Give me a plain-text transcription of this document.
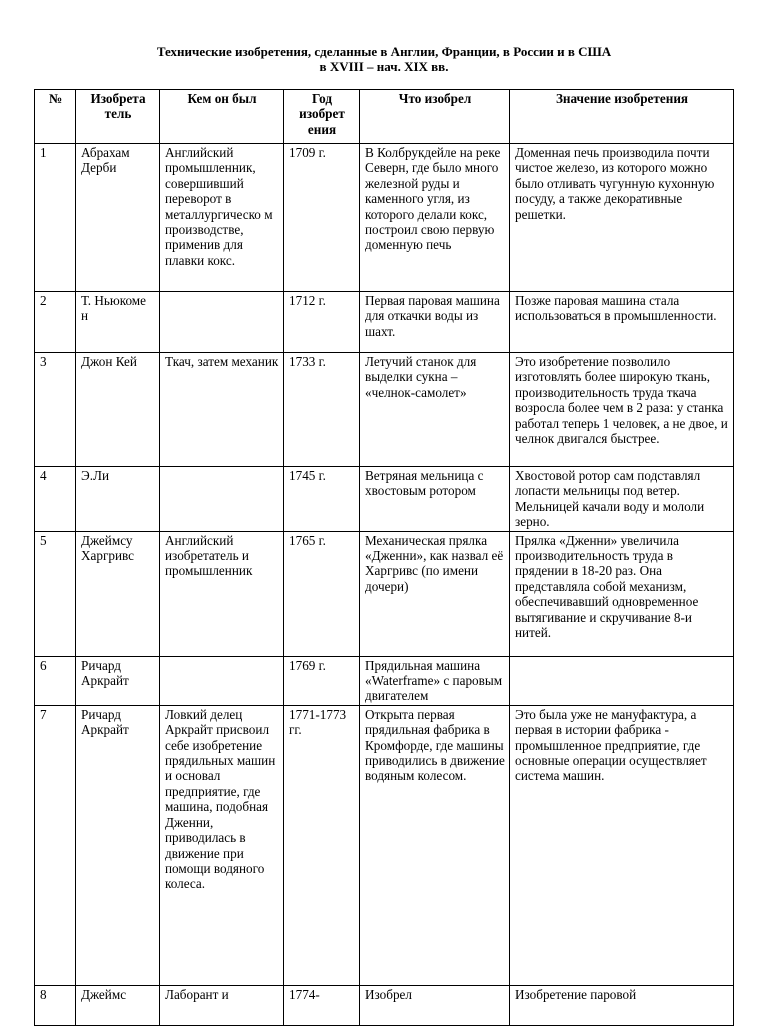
Технические изобретения, сделанные в Англии, Франции, в России и в США
в XVIII – нач. XIX вв.
№	Изобрета тель	Кем он был	Год изобрет ения	Что изобрел	Значение изобретения
1	Абрахам Дерби	Английский промышленник, совершивший переворот в металлургическо м производстве, применив для плавки кокс.	1709 г.	В Колбрукдейле на реке Северн, где было много железной руды и каменного угля, из которого делали кокс, построил свою первую доменную печь	Доменная печь производила почти чистое железо, из которого можно было отливать чугунную кухонную посуду, а также декоративные решетки.
2	Т. Ньюкоме н		1712 г.	Первая паровая машина для откачки воды из шахт.	Позже паровая машина стала использоваться в промышленности.
3	Джон Кей	Ткач, затем механик	1733 г.	Летучий станок для выделки сукна – «челнок-самолет»	Это изобретение позволило изготовлять более широкую ткань, производительность труда ткача возросла более чем в 2 раза: у станка работал теперь 1 человек, а не двое, и челнок двигался быстрее.
4	Э.Ли		1745 г.	Ветряная мельница с хвостовым ротором	Хвостовой ротор сам подставлял лопасти мельницы под ветер. Мельницей качали воду и мололи зерно.
5	Джеймсу Харгривс	Английский изобретатель и промышленник	1765 г.	Механическая прялка «Дженни», как назвал её Харгривс (по имени дочери)	Прялка «Дженни» увеличила производительность труда в прядении в 18-20 раз. Она представляла собой механизм, обеспечивавший одновременное вытягивание и скручивание 8-и нитей.
6	Ричард Аркрайт		1769 г.	Прядильная машина «Waterframe» с паровым двигателем	
7	Ричард Аркрайт	Ловкий делец Аркрайт присвоил себе изобретение прядильных машин и основал предприятие, где машина, подобная Дженни, приводилась в движение при помощи водяного колеса.	1771-1773 гг.	Открыта первая прядильная фабрика в Кромфорде, где машины приводились в движение водяным колесом.	Это была уже не мануфактура, а первая в истории фабрика - промышленное предприятие, где основные операции осуществляет система машин.
8	Джеймс	Лаборант и	1774-	Изобрел	Изобретение паровой
